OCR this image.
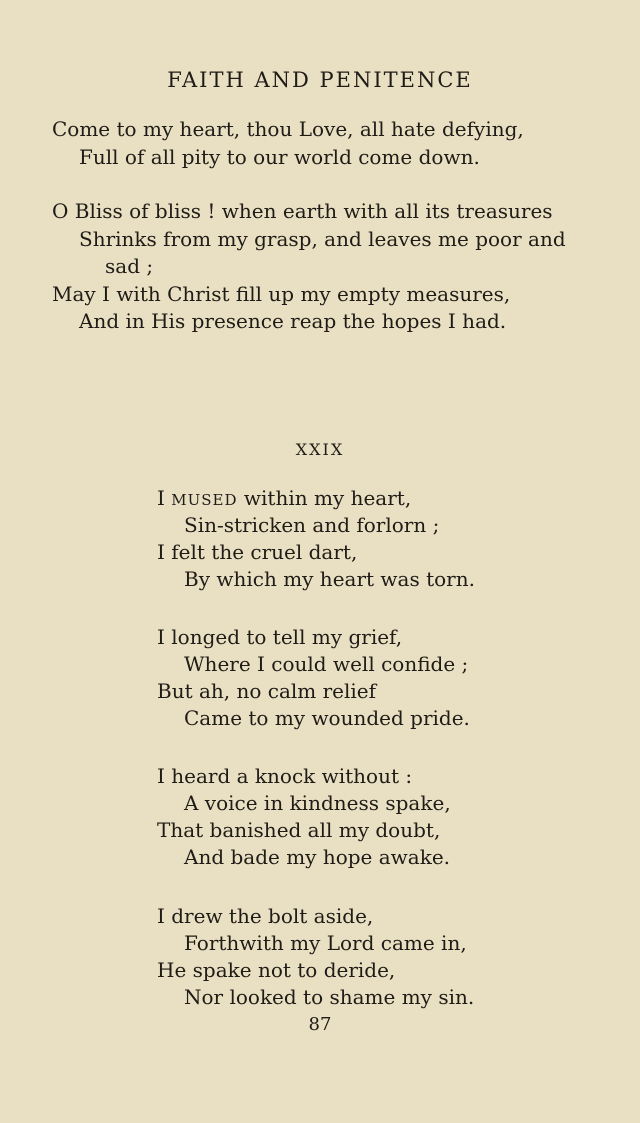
FAITH AND PENITENCE
Come to my heart, thou Love, all hate defying,
Full of all pity to our world come down.
O Bliss of bliss ! when earth with all its treasures
Shrinks from my grasp, and leaves me poor and
sad ;
May I with Christ fill up my empty measures,
And in His presence reap the hopes I had.
XXIX
I MUSED within my heart,
Sin-stricken and forlorn ;
I felt the cruel dart,
By which my heart was torn.
I longed to tell my grief,
Where I could well confide ;
But ah, no calm relief
Came to my wounded pride.
I heard a knock without :
A voice in kindness spake,
That banished all my doubt,
And bade my hope awake.
I drew the bolt aside,
Forthwith my Lord came in,
He spake not to deride,
Nor looked to shame my sin.
87
